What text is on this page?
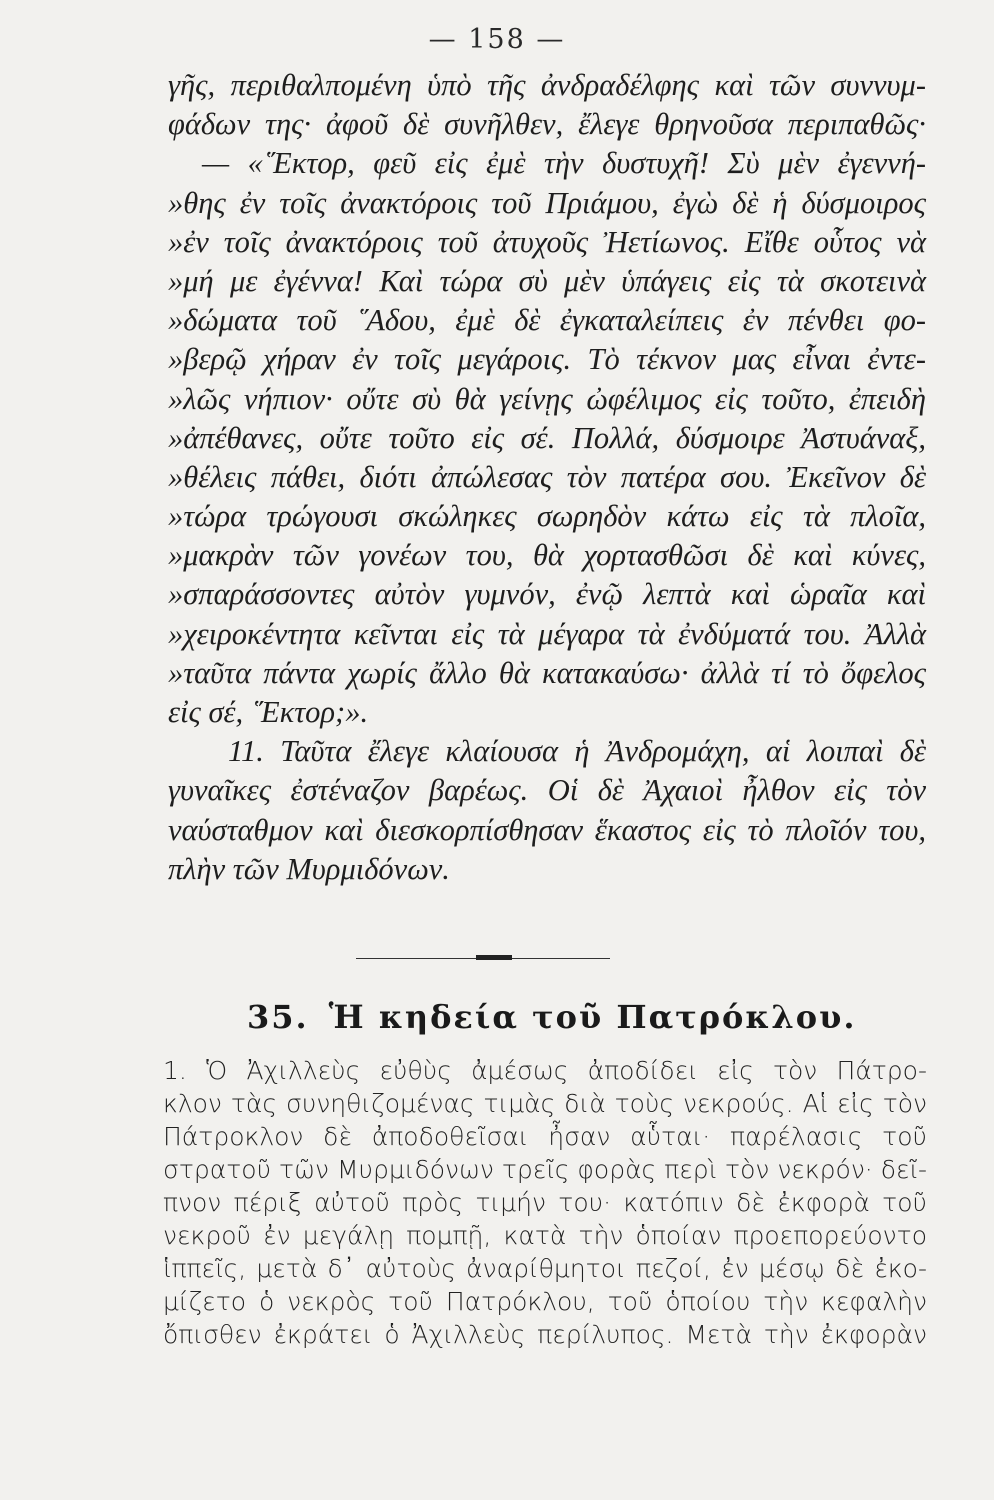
— 158 —
γῆς, περιθαλπομένη ὑπὸ τῆς ἀνδραδέλφης καὶ τῶν συννυμ-
φάδων της· ἀφοῦ δὲ συνῆλθεν, ἔλεγε θρηνοῦσα περιπαθῶς·
— «῞Εκτορ, φεῦ εἰς ἐμὲ τὴν δυστυχῆ! Σὺ μὲν ἐγεννή-
»θης ἐν τοῖς ἀνακτόροις τοῦ Πριάμου, ἐγὼ δὲ ἡ δύσμοιρος
»ἐν τοῖς ἀνακτόροις τοῦ ἀτυχοῦς Ἠετίωνος. Εἴθε οὗτος νὰ
»μή με ἐγέννα! Καὶ τώρα σὺ μὲν ὑπάγεις εἰς τὰ σκοτεινὰ
»δώματα τοῦ ῞Αδου, ἐμὲ δὲ ἐγκαταλείπεις ἐν πένθει φο-
»βερῷ χήραν ἐν τοῖς μεγάροις. Τὸ τέκνον μας εἶναι ἐντε-
»λῶς νήπιον· οὔτε σὺ θὰ γείνῃς ὠφέλιμος εἰς τοῦτο, ἐπειδὴ
»ἀπέθανες, οὔτε τοῦτο εἰς σέ. Πολλά, δύσμοιρε Ἀστυάναξ,
»θέλεις πάθει, διότι ἀπώλεσας τὸν πατέρα σου. Ἐκεῖνον δὲ
»τώρα τρώγουσι σκώληκες σωρηδὸν κάτω εἰς τὰ πλοῖα,
»μακρὰν τῶν γονέων του, θὰ χορτασθῶσι δὲ καὶ κύνες,
»σπαράσσοντες αὐτὸν γυμνόν, ἐνῷ λεπτὰ καὶ ὡραῖα καὶ
»χειροκέντητα κεῖνται εἰς τὰ μέγαρα τὰ ἐνδύματά του. Ἀλλὰ
»ταῦτα πάντα χωρίς ἄλλο θὰ κατακαύσω· ἀλλὰ τί τὸ ὄφελος
εἰς σέ, ῞Εκτορ;».
11. Ταῦτα ἔλεγε κλαίουσα ἡ Ἀνδρομάχη, αἱ λοιπαὶ δὲ
γυναῖκες ἐστέναζον βαρέως. Οἱ δὲ Ἀχαιοὶ ἦλθον εἰς τὸν
ναύσταθμον καὶ διεσκορπίσθησαν ἕκαστος εἰς τὸ πλοῖόν του,
πλὴν τῶν Μυρμιδόνων.
35. Ἡ κηδεία τοῦ Πατρόκλου.
1. Ὁ Ἀχιλλεὺς εὐθὺς ἀμέσως ἀποδίδει εἰς τὸν Πάτρο-
κλον τὰς συνηθιζομένας τιμὰς διὰ τοὺς νεκρούς. Αἱ εἰς τὸν
Πάτροκλον δὲ ἀποδοθεῖσαι ἦσαν αὗται· παρέλασις τοῦ
στρατοῦ τῶν Μυρμιδόνων τρεῖς φορὰς περὶ τὸν νεκρόν· δεῖ-
πνον πέριξ αὐτοῦ πρὸς τιμήν του· κατόπιν δὲ ἐκφορὰ τοῦ
νεκροῦ ἐν μεγάλῃ πομπῇ, κατὰ τὴν ὁποίαν προεπορεύοντο
ἱππεῖς, μετὰ δ᾽ αὐτοὺς ἀναρίθμητοι πεζοί, ἐν μέσῳ δὲ ἐκο-
μίζετο ὁ νεκρὸς τοῦ Πατρόκλου, τοῦ ὁποίου τὴν κεφαλὴν
ὄπισθεν ἐκράτει ὁ Ἀχιλλεὺς περίλυπος. Μετὰ τὴν ἐκφορὰν
